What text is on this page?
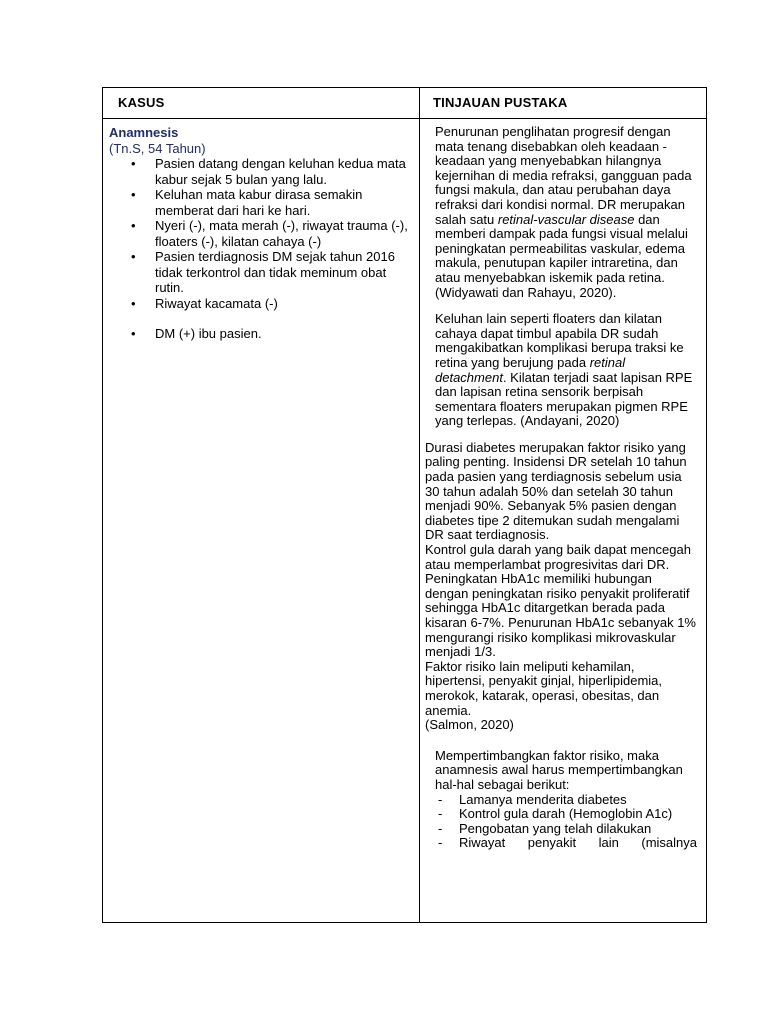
KASUS	TINJAUAN PUSTAKA
Anamnesis
(Tn.S, 54 Tahun)
• Pasien datang dengan keluhan kedua mata kabur sejak 5 bulan yang lalu.
• Keluhan mata kabur dirasa semakin memberat dari hari ke hari.
• Nyeri (-), mata merah (-), riwayat trauma (-), floaters (-), kilatan cahaya (-)
• Pasien terdiagnosis DM sejak tahun 2016 tidak terkontrol dan tidak meminum obat rutin.
• Riwayat kacamata (-)
• DM (+) ibu pasien.

Penurunan penglihatan progresif dengan mata tenang disebabkan oleh keadaan - keadaan yang menyebabkan hilangnya kejernihan di media refraksi, gangguan pada fungsi makula, dan atau perubahan daya refraksi dari kondisi normal. DR merupakan salah satu retinal-vascular disease dan memberi dampak pada fungsi visual melalui peningkatan permeabilitas vaskular, edema makula, penutupan kapiler intraretina, dan atau menyebabkan iskemik pada retina.

(Widyawati dan Rahayu, 2020).

Keluhan lain seperti floaters dan kilatan cahaya dapat timbul apabila DR sudah mengakibatkan komplikasi berupa traksi ke retina yang berujung pada retinal detachment. Kilatan terjadi saat lapisan RPE dan lapisan retina sensorik berpisah sementara floaters merupakan pigmen RPE yang terlepas. (Andayani, 2020)

Durasi diabetes merupakan faktor risiko yang paling penting. Insidensi DR setelah 10 tahun pada pasien yang terdiagnosis sebelum usia 30 tahun adalah 50% dan setelah 30 tahun menjadi 90%. Sebanyak 5% pasien dengan diabetes tipe 2 ditemukan sudah mengalami DR saat terdiagnosis.

Kontrol gula darah yang baik dapat mencegah atau memperlambat progresivitas dari DR. Peningkatan HbA1c memiliki hubungan dengan peningkatan risiko penyakit proliferatif sehingga HbA1c ditargetkan berada pada kisaran 6-7%. Penurunan HbA1c sebanyak 1% mengurangi risiko komplikasi mikrovaskular menjadi 1/3.

Faktor risiko lain meliputi kehamilan, hipertensi, penyakit ginjal, hiperlipidemia, merokok, katarak, operasi, obesitas, dan anemia.

(Salmon, 2020)

Mempertimbangkan faktor risiko, maka anamnesis awal harus mempertimbangkan hal-hal sebagai berikut:

- Lamanya menderita diabetes
- Kontrol gula darah (Hemoglobin A1c)
- Pengobatan yang telah dilakukan
- Riwayat penyakit lain (misalnya
